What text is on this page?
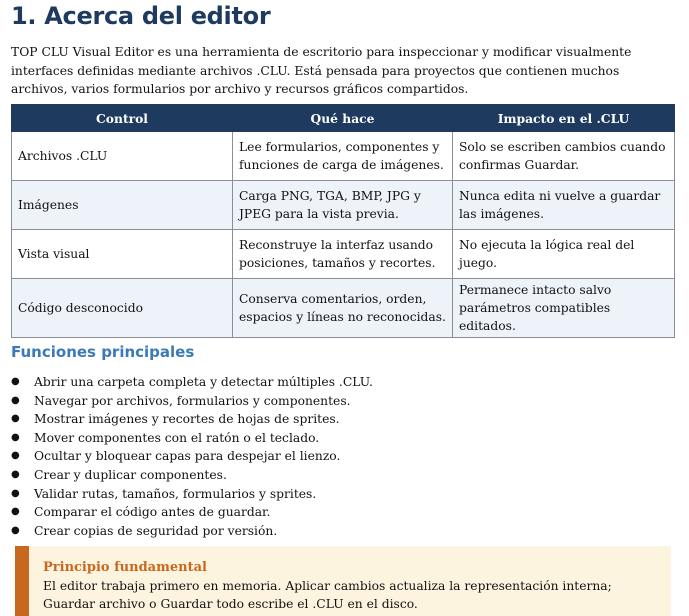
1. Acerca del editor

TOP CLU Visual Editor es una herramienta de escritorio para inspeccionar y modificar visualmente interfaces definidas mediante archivos .CLU. Está pensada para proyectos que contienen muchos archivos, varios formularios por archivo y recursos gráficos compartidos.

Control	Qué hace	Impacto en el .CLU
Archivos .CLU	Lee formularios, componentes y funciones de carga de imágenes.	Solo se escriben cambios cuando confirmas Guardar.
Imágenes	Carga PNG, TGA, BMP, JPG y JPEG para la vista previa.	Nunca edita ni vuelve a guardar las imágenes.
Vista visual	Reconstruye la interfaz usando posiciones, tamaños y recortes.	No ejecuta la lógica real del juego.
Código desconocido	Conserva comentarios, orden, espacios y líneas no reconocidas.	Permanece intacto salvo parámetros compatibles editados.
Funciones principales
● Abrir una carpeta completa y detectar múltiples .CLU.
● Navegar por archivos, formularios y componentes.
● Mostrar imágenes y recortes de hojas de sprites.
● Mover componentes con el ratón o el teclado.
● Ocultar y bloquear capas para despejar el lienzo.
● Crear y duplicar componentes.
● Validar rutas, tamaños, formularios y sprites.
● Comparar el código antes de guardar.
● Crear copias de seguridad por versión.
Principio fundamental
El editor trabaja primero en memoria. Aplicar cambios actualiza la representación interna; Guardar archivo o Guardar todo escribe el .CLU en el disco.
